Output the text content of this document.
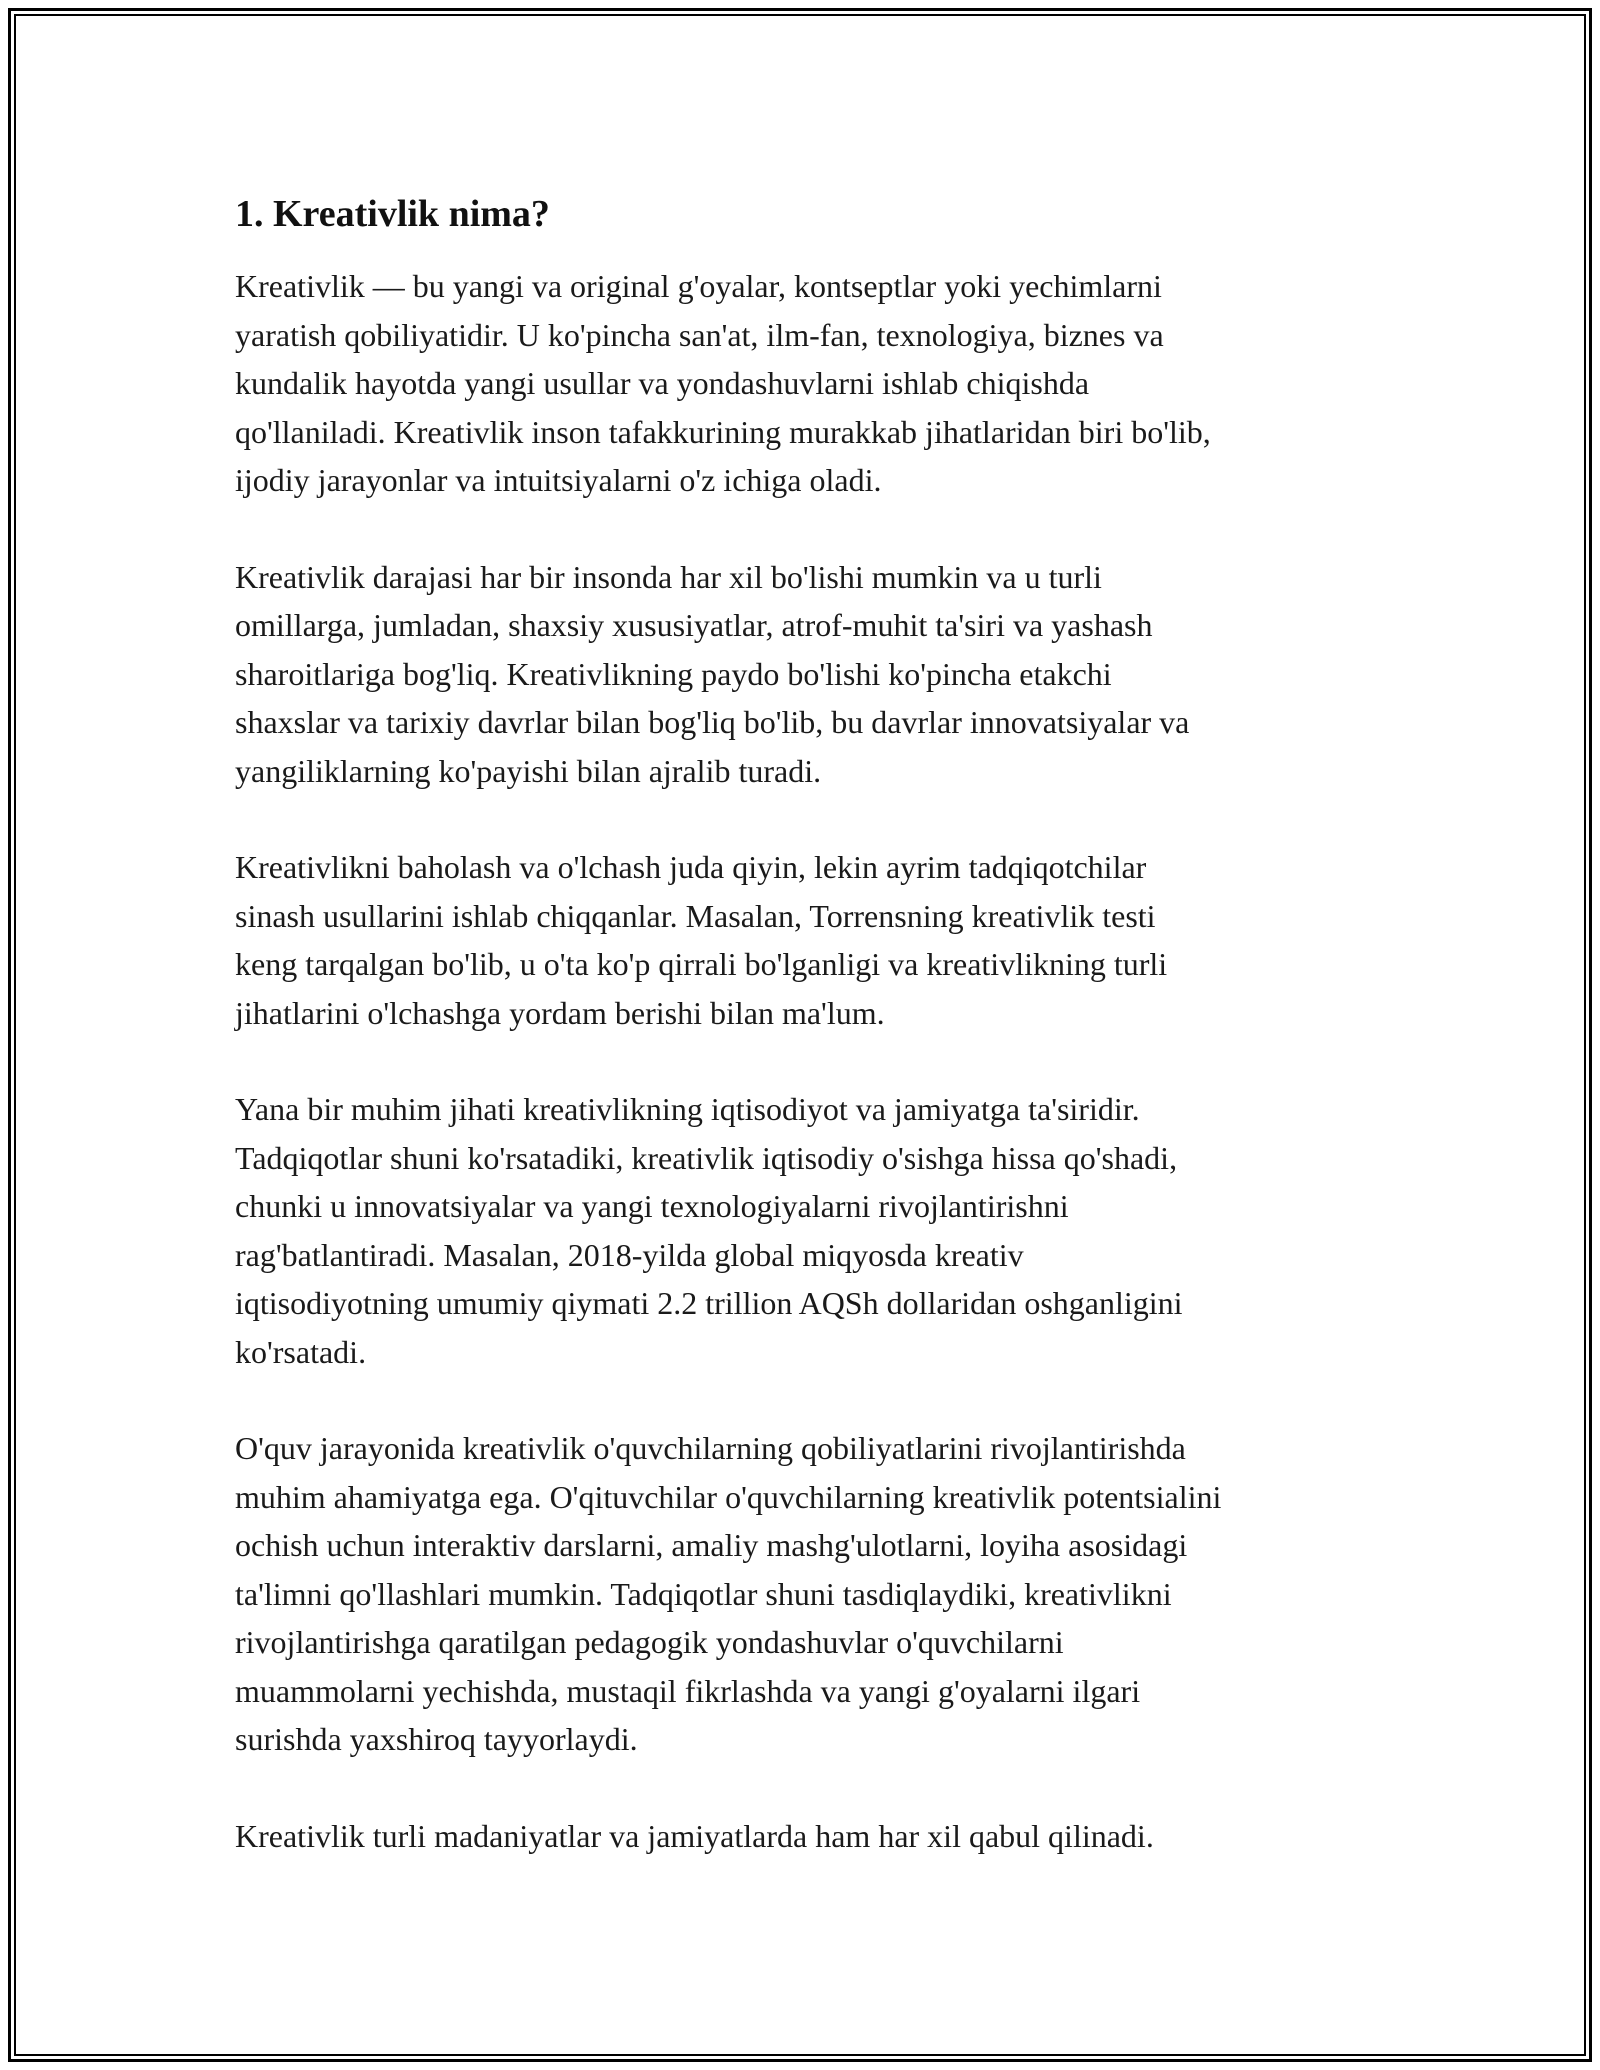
1. Kreativlik nima?
Kreativlik — bu yangi va original g'oyalar, kontseptlar yoki yechimlarni
yaratish qobiliyatidir. U ko'pincha san'at, ilm-fan, texnologiya, biznes va
kundalik hayotda yangi usullar va yondashuvlarni ishlab chiqishda
qo'llaniladi. Kreativlik inson tafakkurining murakkab jihatlaridan biri bo'lib,
ijodiy jarayonlar va intuitsiyalarni o'z ichiga oladi.
Kreativlik darajasi har bir insonda har xil bo'lishi mumkin va u turli
omillarga, jumladan, shaxsiy xususiyatlar, atrof-muhit ta'siri va yashash
sharoitlariga bog'liq. Kreativlikning paydo bo'lishi ko'pincha etakchi
shaxslar va tarixiy davrlar bilan bog'liq bo'lib, bu davrlar innovatsiyalar va
yangiliklarning ko'payishi bilan ajralib turadi.
Kreativlikni baholash va o'lchash juda qiyin, lekin ayrim tadqiqotchilar
sinash usullarini ishlab chiqqanlar. Masalan, Torrensning kreativlik testi
keng tarqalgan bo'lib, u o'ta ko'p qirrali bo'lganligi va kreativlikning turli
jihatlarini o'lchashga yordam berishi bilan ma'lum.
Yana bir muhim jihati kreativlikning iqtisodiyot va jamiyatga ta'siridir.
Tadqiqotlar shuni ko'rsatadiki, kreativlik iqtisodiy o'sishga hissa qo'shadi,
chunki u innovatsiyalar va yangi texnologiyalarni rivojlantirishni
rag'batlantiradi. Masalan, 2018-yilda global miqyosda kreativ
iqtisodiyotning umumiy qiymati 2.2 trillion AQSh dollaridan oshganligini
ko'rsatadi.
O'quv jarayonida kreativlik o'quvchilarning qobiliyatlarini rivojlantirishda
muhim ahamiyatga ega. O'qituvchilar o'quvchilarning kreativlik potentsialini
ochish uchun interaktiv darslarni, amaliy mashg'ulotlarni, loyiha asosidagi
ta'limni qo'llashlari mumkin. Tadqiqotlar shuni tasdiqlaydiki, kreativlikni
rivojlantirishga qaratilgan pedagogik yondashuvlar o'quvchilarni
muammolarni yechishda, mustaqil fikrlashda va yangi g'oyalarni ilgari
surishda yaxshiroq tayyorlaydi.
Kreativlik turli madaniyatlar va jamiyatlarda ham har xil qabul qilinadi.
